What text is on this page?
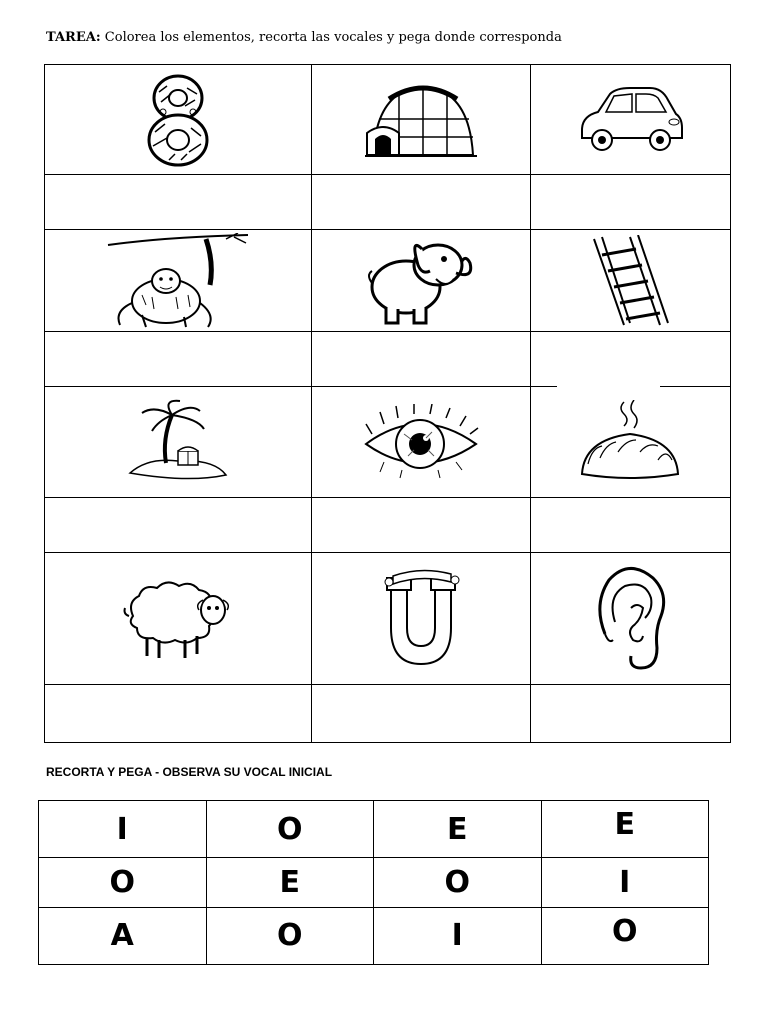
TAREA: Colorea los elementos, recorta las vocales y pega donde corresponda

RECORTA Y PEGA - OBSERVA SU VOCAL INICIAL
I	O	E	E
O	E	O	I
A	O	I	O
